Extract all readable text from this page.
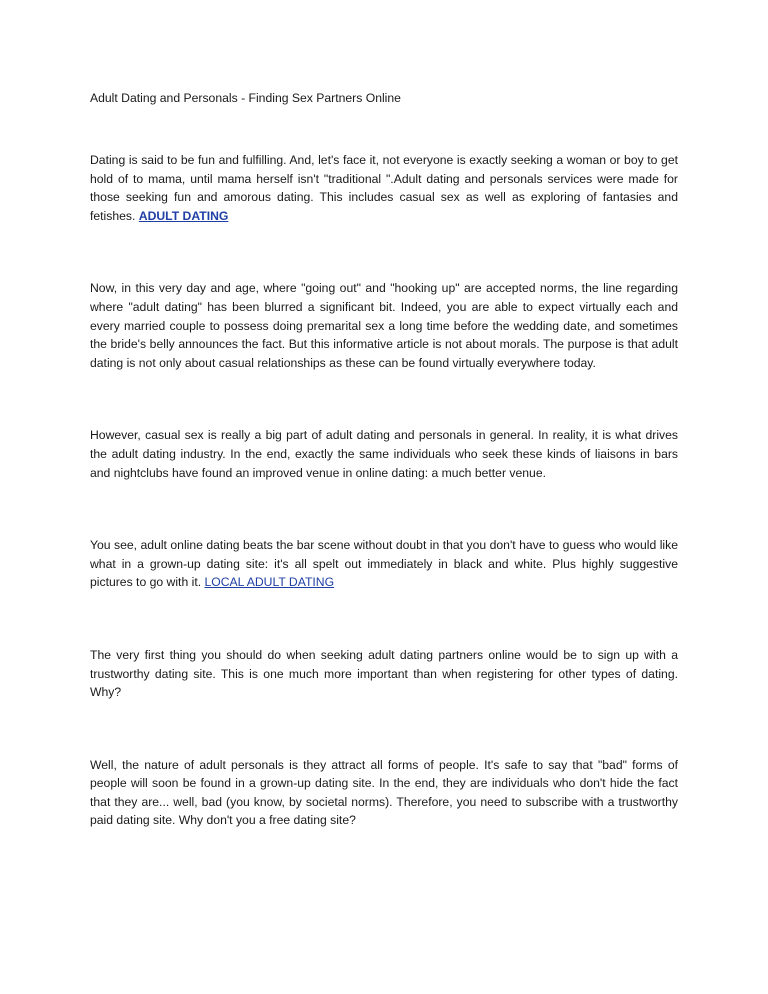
Adult Dating and Personals - Finding Sex Partners Online

Dating is said to be fun and fulfilling. And, let's face it, not everyone is exactly seeking a woman or boy to get hold of to mama, until mama herself isn't "traditional ".Adult dating and personals services were made for those seeking fun and amorous dating. This includes casual sex as well as exploring of fantasies and fetishes. ADULT DATING

Now, in this very day and age, where "going out" and "hooking up" are accepted norms, the line regarding where "adult dating" has been blurred a significant bit. Indeed, you are able to expect virtually each and every married couple to possess doing premarital sex a long time before the wedding date, and sometimes the bride's belly announces the fact. But this informative article is not about morals. The purpose is that adult dating is not only about casual relationships as these can be found virtually everywhere today.

However, casual sex is really a big part of adult dating and personals in general. In reality, it is what drives the adult dating industry. In the end, exactly the same individuals who seek these kinds of liaisons in bars and nightclubs have found an improved venue in online dating: a much better venue.

You see, adult online dating beats the bar scene without doubt in that you don't have to guess who would like what in a grown-up dating site: it's all spelt out immediately in black and white. Plus highly suggestive pictures to go with it. LOCAL ADULT DATING

The very first thing you should do when seeking adult dating partners online would be to sign up with a trustworthy dating site. This is one much more important than when registering for other types of dating. Why?

Well, the nature of adult personals is they attract all forms of people. It's safe to say that "bad" forms of people will soon be found in a grown-up dating site. In the end, they are individuals who don't hide the fact that they are... well, bad (you know, by societal norms). Therefore, you need to subscribe with a trustworthy paid dating site. Why don't you a free dating site?
